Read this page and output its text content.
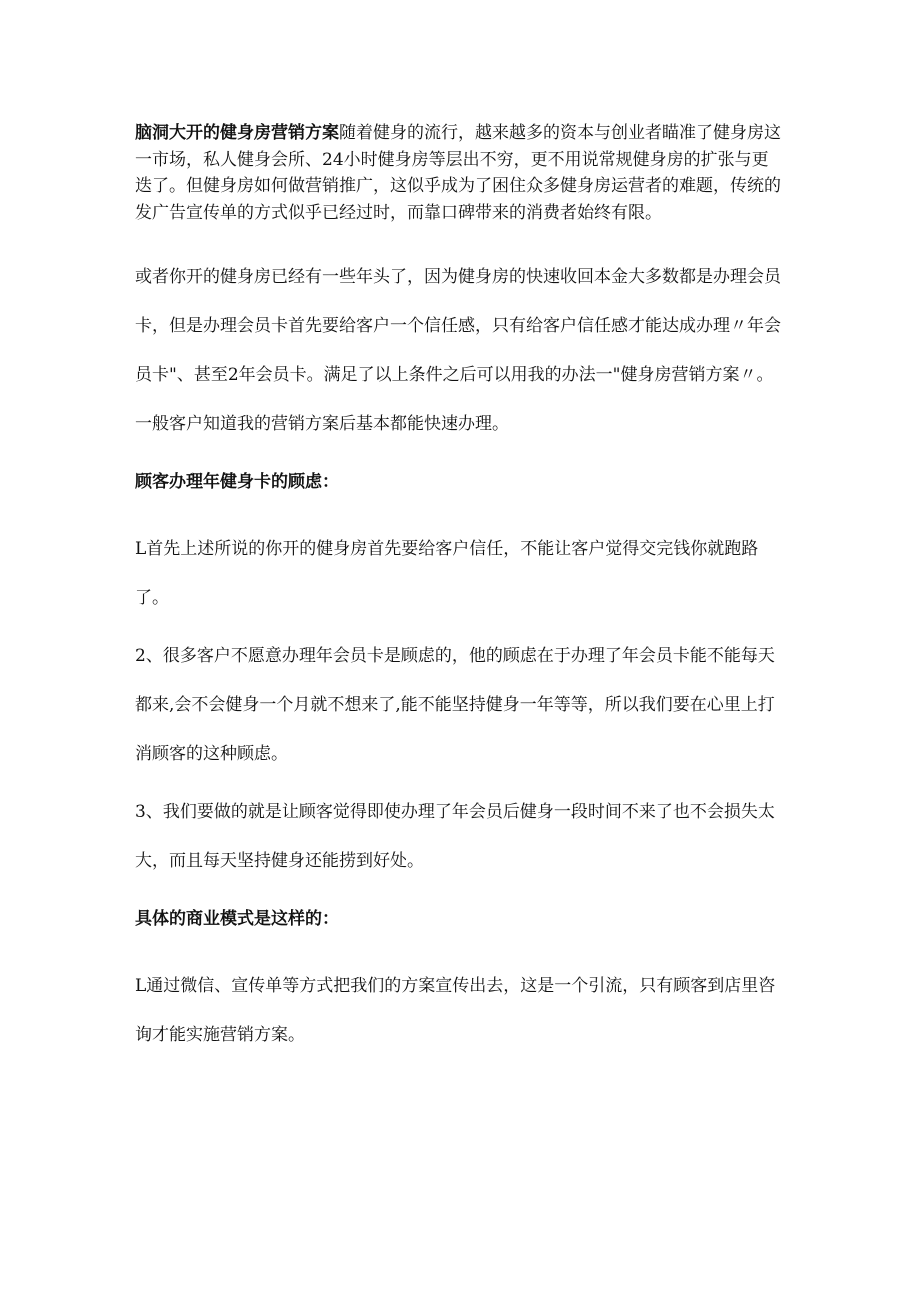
脑洞大开的健身房营销方案随着健身的流行，越来越多的资本与创业者瞄准了健身房这一市场，私人健身会所、24小时健身房等层出不穷，更不用说常规健身房的扩张与更迭了。但健身房如何做营销推广，这似乎成为了困住众多健身房运营者的难题，传统的发广告宣传单的方式似乎已经过时，而靠口碑带来的消费者始终有限。

或者你开的健身房已经有一些年头了，因为健身房的快速收回本金大多数都是办理会员卡，但是办理会员卡首先要给客户一个信任感，只有给客户信任感才能达成办理〃年会员卡"、甚至2年会员卡。满足了以上条件之后可以用我的办法一"健身房营销方案〃。一般客户知道我的营销方案后基本都能快速办理。

顾客办理年健身卡的顾虑：

L首先上述所说的你开的健身房首先要给客户信任，不能让客户觉得交完钱你就跑路了。

2、很多客户不愿意办理年会员卡是顾虑的，他的顾虑在于办理了年会员卡能不能每天都来,会不会健身一个月就不想来了,能不能坚持健身一年等等，所以我们要在心里上打消顾客的这种顾虑。

3、我们要做的就是让顾客觉得即使办理了年会员后健身一段时间不来了也不会损失太大，而且每天坚持健身还能捞到好处。

具体的商业模式是这样的：

L通过微信、宣传单等方式把我们的方案宣传出去，这是一个引流，只有顾客到店里咨询才能实施营销方案。
